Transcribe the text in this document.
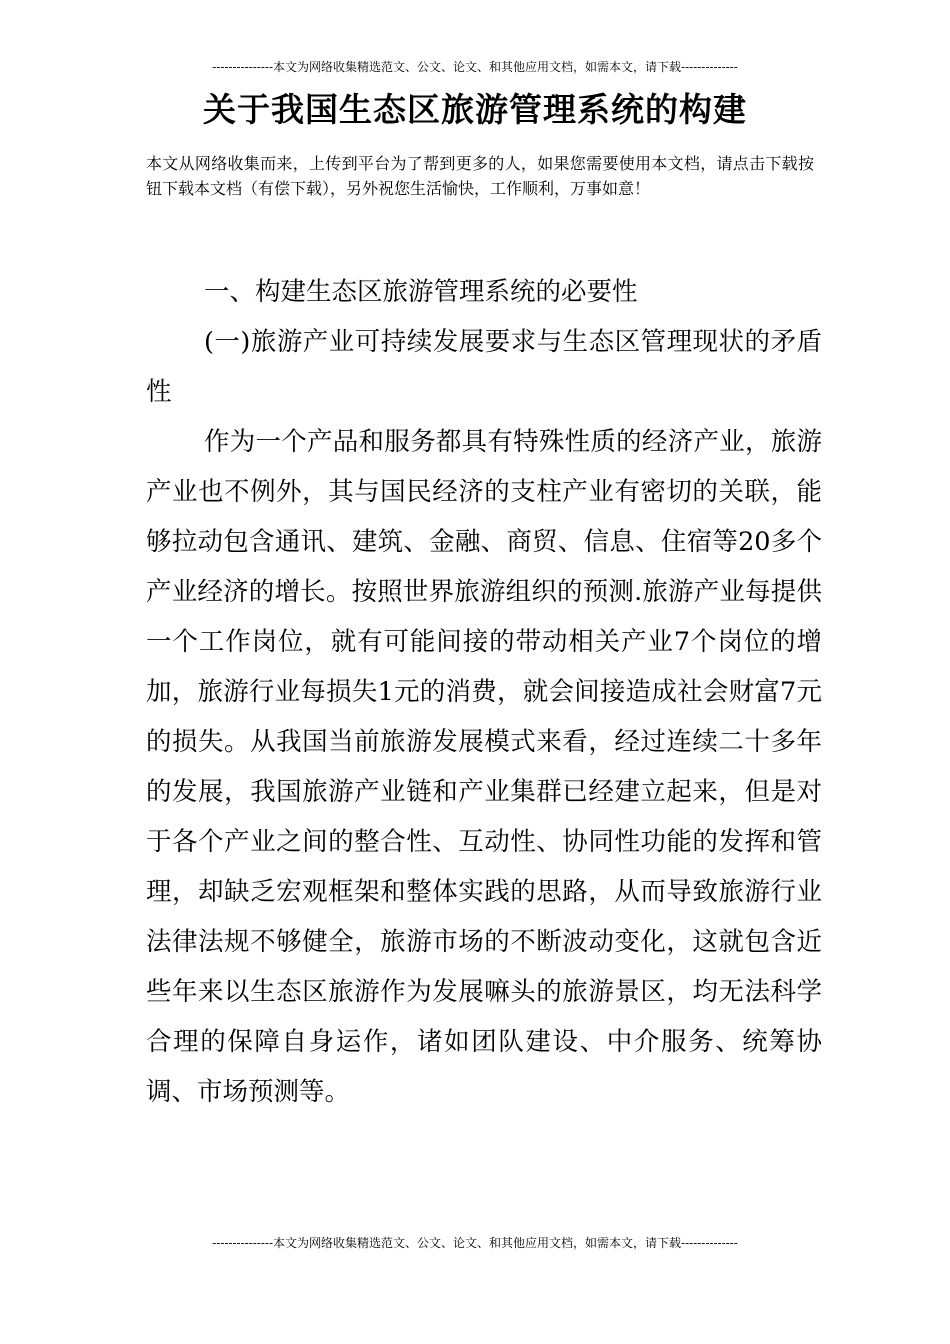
---------------本文为网络收集精选范文、公文、论文、和其他应用文档，如需本文，请下载--------------
关于我国生态区旅游管理系统的构建
本文从网络收集而来，上传到平台为了帮到更多的人，如果您需要使用本文档，请点击下载按钮下载本文档（有偿下载），另外祝您生活愉快，工作顺利，万事如意！

一、构建生态区旅游管理系统的必要性

(一)旅游产业可持续发展要求与生态区管理现状的矛盾性

作为一个产品和服务都具有特殊性质的经济产业，旅游产业也不例外，其与国民经济的支柱产业有密切的关联，能够拉动包含通讯、建筑、金融、商贸、信息、住宿等20多个产业经济的增长。按照世界旅游组织的预测.旅游产业每提供一个工作岗位，就有可能间接的带动相关产业7个岗位的增加，旅游行业每损失1元的消费，就会间接造成社会财富7元的损失。从我国当前旅游发展模式来看，经过连续二十多年的发展，我国旅游产业链和产业集群已经建立起来，但是对于各个产业之间的整合性、互动性、协同性功能的发挥和管理，却缺乏宏观框架和整体实践的思路，从而导致旅游行业法律法规不够健全，旅游市场的不断波动变化，这就包含近些年来以生态区旅游作为发展嘛头的旅游景区，均无法科学合理的保障自身运作，诸如团队建设、中介服务、统筹协调、市场预测等。

---------------本文为网络收集精选范文、公文、论文、和其他应用文档，如需本文，请下载--------------
